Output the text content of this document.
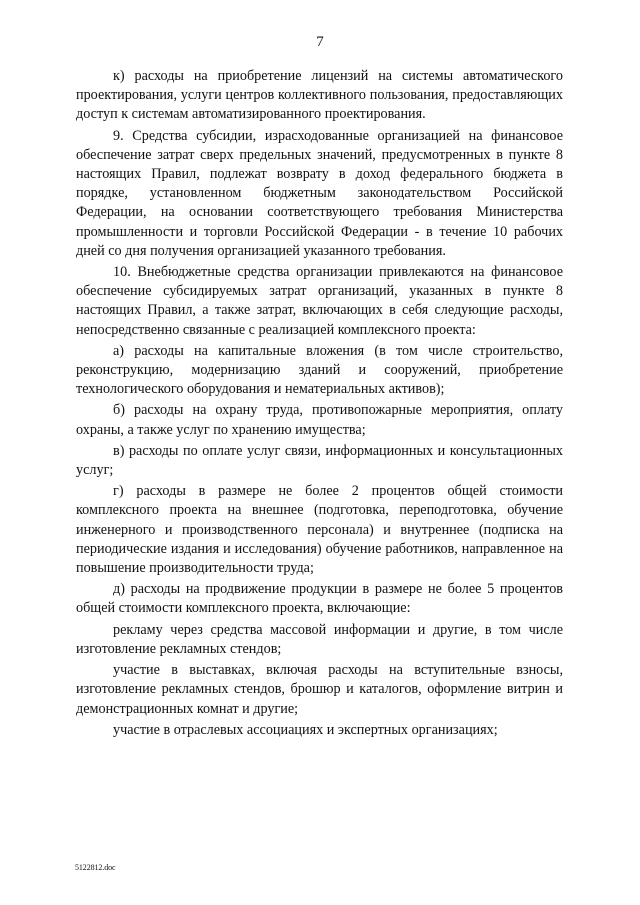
7

к) расходы на приобретение лицензий на системы автоматического проектирования, услуги центров коллективного пользования, предоставляющих доступ к системам автоматизированного проектирования.

9. Средства субсидии, израсходованные организацией на финансовое обеспечение затрат сверх предельных значений, предусмотренных в пункте 8 настоящих Правил, подлежат возврату в доход федерального бюджета в порядке, установленном бюджетным законодательством Российской Федерации, на основании соответствующего требования Министерства промышленности и торговли Российской Федерации - в течение 10 рабочих дней со дня получения организацией указанного требования.

10. Внебюджетные средства организации привлекаются на финансовое обеспечение субсидируемых затрат организаций, указанных в пункте 8 настоящих Правил, а также затрат, включающих в себя следующие расходы, непосредственно связанные с реализацией комплексного проекта:

а) расходы на капитальные вложения (в том числе строительство, реконструкцию, модернизацию зданий и сооружений, приобретение технологического оборудования и нематериальных активов);

б) расходы на охрану труда, противопожарные мероприятия, оплату охраны, а также услуг по хранению имущества;

в) расходы по оплате услуг связи, информационных и консультационных услуг;

г) расходы в размере не более 2 процентов общей стоимости комплексного проекта на внешнее (подготовка, переподготовка, обучение инженерного и производственного персонала) и внутреннее (подписка на периодические издания и исследования) обучение работников, направленное на повышение производительности труда;

д) расходы на продвижение продукции в размере не более 5 процентов общей стоимости комплексного проекта, включающие:

рекламу через средства массовой информации и другие, в том числе изготовление рекламных стендов;

участие в выставках, включая расходы на вступительные взносы, изготовление рекламных стендов, брошюр и каталогов, оформление витрин и демонстрационных комнат и другие;

участие в отраслевых ассоциациях и экспертных организациях;

5122812.doc
